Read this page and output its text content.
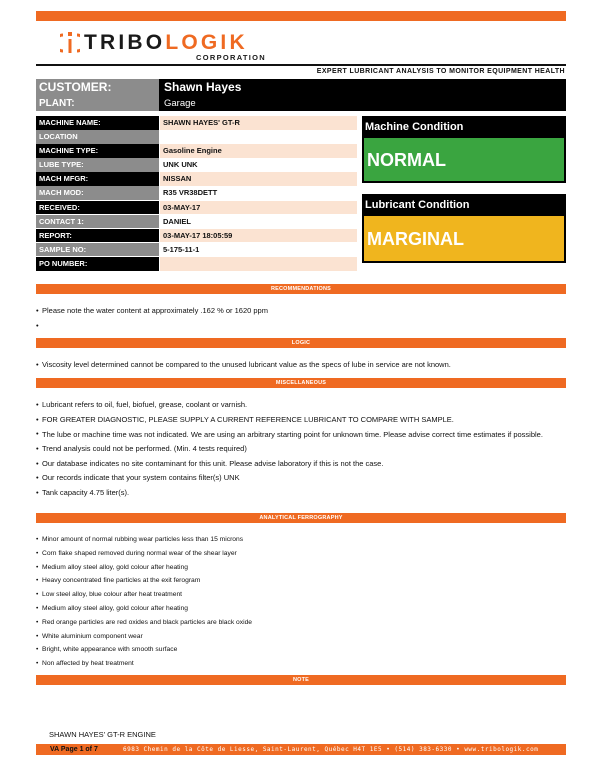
TRIBOLOGIK
CORPORATION
EXPERT LUBRICANT ANALYSIS TO MONITOR EQUIPMENT HEALTH
CUSTOMER:	Shawn Hayes
PLANT:	Garage
MACHINE NAME:	SHAWN HAYES' GT-R
LOCATION
MACHINE TYPE:	Gasoline Engine
LUBE TYPE:	UNK UNK
MACH MFGR:	NISSAN
MACH MOD:	R35 VR38DETT
RECEIVED:	03-MAY-17
CONTACT 1:	DANIEL
REPORT:	03-MAY-17 18:05:59
SAMPLE NO:	5-175-11-1
PO NUMBER:
Machine Condition
NORMAL
Lubricant Condition
MARGINAL
RECOMMENDATIONS
• Please note the water content at approximately .162 % or 1620 ppm
LOGIC
• Viscosity level determined cannot be compared to the unused lubricant value as the specs of lube in service are not known.
MISCELLANEOUS
• Lubricant refers to oil, fuel, biofuel, grease, coolant or varnish.
• FOR GREATER DIAGNOSTIC, PLEASE SUPPLY A CURRENT REFERENCE LUBRICANT TO COMPARE WITH SAMPLE.
• The lube or machine time was not indicated. We are using an arbitrary starting point for unknown time. Please advise correct time estimates if possible.
• Trend analysis could not be performed. (Min. 4 tests required)
• Our database indicates no site contaminant for this unit. Please advise laboratory if this is not the case.
• Our records indicate that your system contains filter(s) UNK
• Tank capacity 4.75 liter(s).
ANALYTICAL FERROGRAPHY
• Minor amount of normal rubbing wear particles less than 15 microns
• Corn flake shaped removed during normal wear of the shear layer
• Medium alloy steel alloy, gold colour after heating
• Heavy concentrated fine particles at the exit ferogram
• Low steel alloy, blue colour after heat treatment
• Medium alloy steel alloy, gold colour after heating
• Red orange particles are red oxides and black particles are black oxide
• White aluminium component wear
• Bright, white appearance with smooth surface
• Non affected by heat treatment
NOTE
SHAWN HAYES' GT-R ENGINE
VA Page 1 of 7	6983 Chemin de la Côte de Liesse, Saint-Laurent, Québec H4T 1E5 • (514) 383-6330 • www.tribologik.com
